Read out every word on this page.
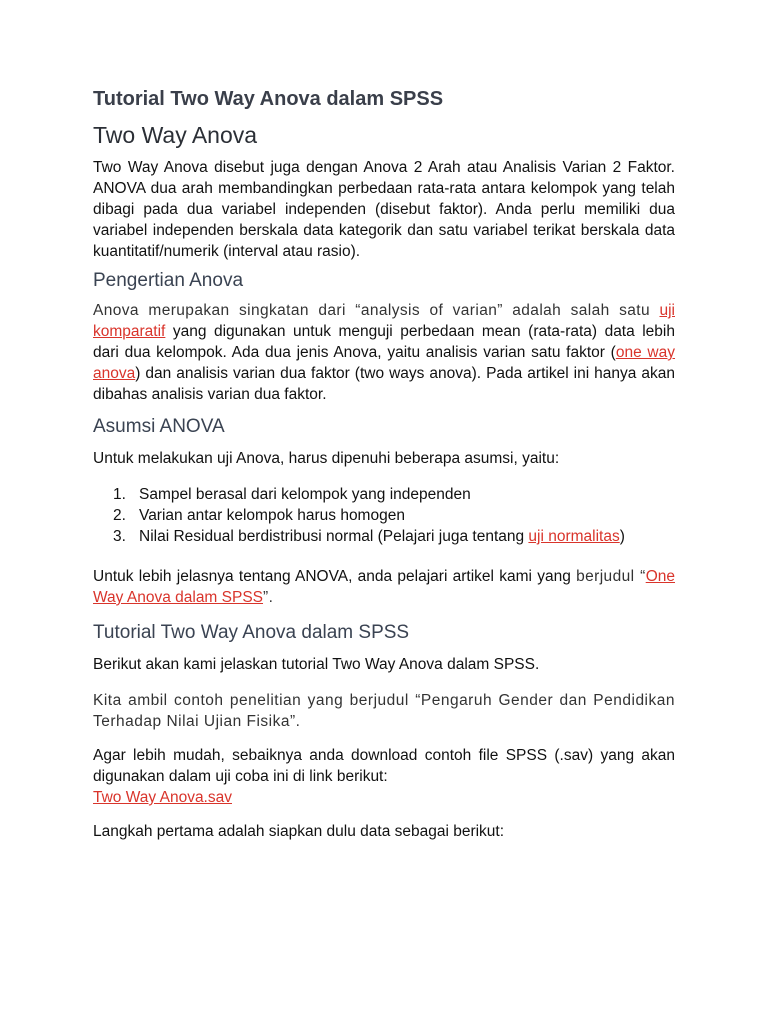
Tutorial Two Way Anova dalam SPSS
Two Way Anova

Two Way Anova disebut juga dengan Anova 2 Arah atau Analisis Varian 2 Faktor. ANOVA dua arah membandingkan perbedaan rata-rata antara kelompok yang telah dibagi pada dua variabel independen (disebut faktor). Anda perlu memiliki dua variabel independen berskala data kategorik dan satu variabel terikat berskala data kuantitatif/numerik (interval atau rasio).

Pengertian Anova

Anova merupakan singkatan dari “analysis of varian” adalah salah satu uji komparatif yang digunakan untuk menguji perbedaan mean (rata-rata) data lebih dari dua kelompok. Ada dua jenis Anova, yaitu analisis varian satu faktor (one way anova) dan analisis varian dua faktor (two ways anova). Pada artikel ini hanya akan dibahas analisis varian dua faktor.

Asumsi ANOVA

Untuk melakukan uji Anova, harus dipenuhi beberapa asumsi, yaitu:

1. Sampel berasal dari kelompok yang independen
2. Varian antar kelompok harus homogen
3. Nilai Residual berdistribusi normal (Pelajari juga tentang uji normalitas)

Untuk lebih jelasnya tentang ANOVA, anda pelajari artikel kami yang berjudul “One Way Anova dalam SPSS”.

Tutorial Two Way Anova dalam SPSS

Berikut akan kami jelaskan tutorial Two Way Anova dalam SPSS.

Kita ambil contoh penelitian yang berjudul “Pengaruh Gender dan Pendidikan Terhadap Nilai Ujian Fisika”.

Agar lebih mudah, sebaiknya anda download contoh file SPSS (.sav) yang akan digunakan dalam uji coba ini di link berikut:
Two Way Anova.sav

Langkah pertama adalah siapkan dulu data sebagai berikut:
